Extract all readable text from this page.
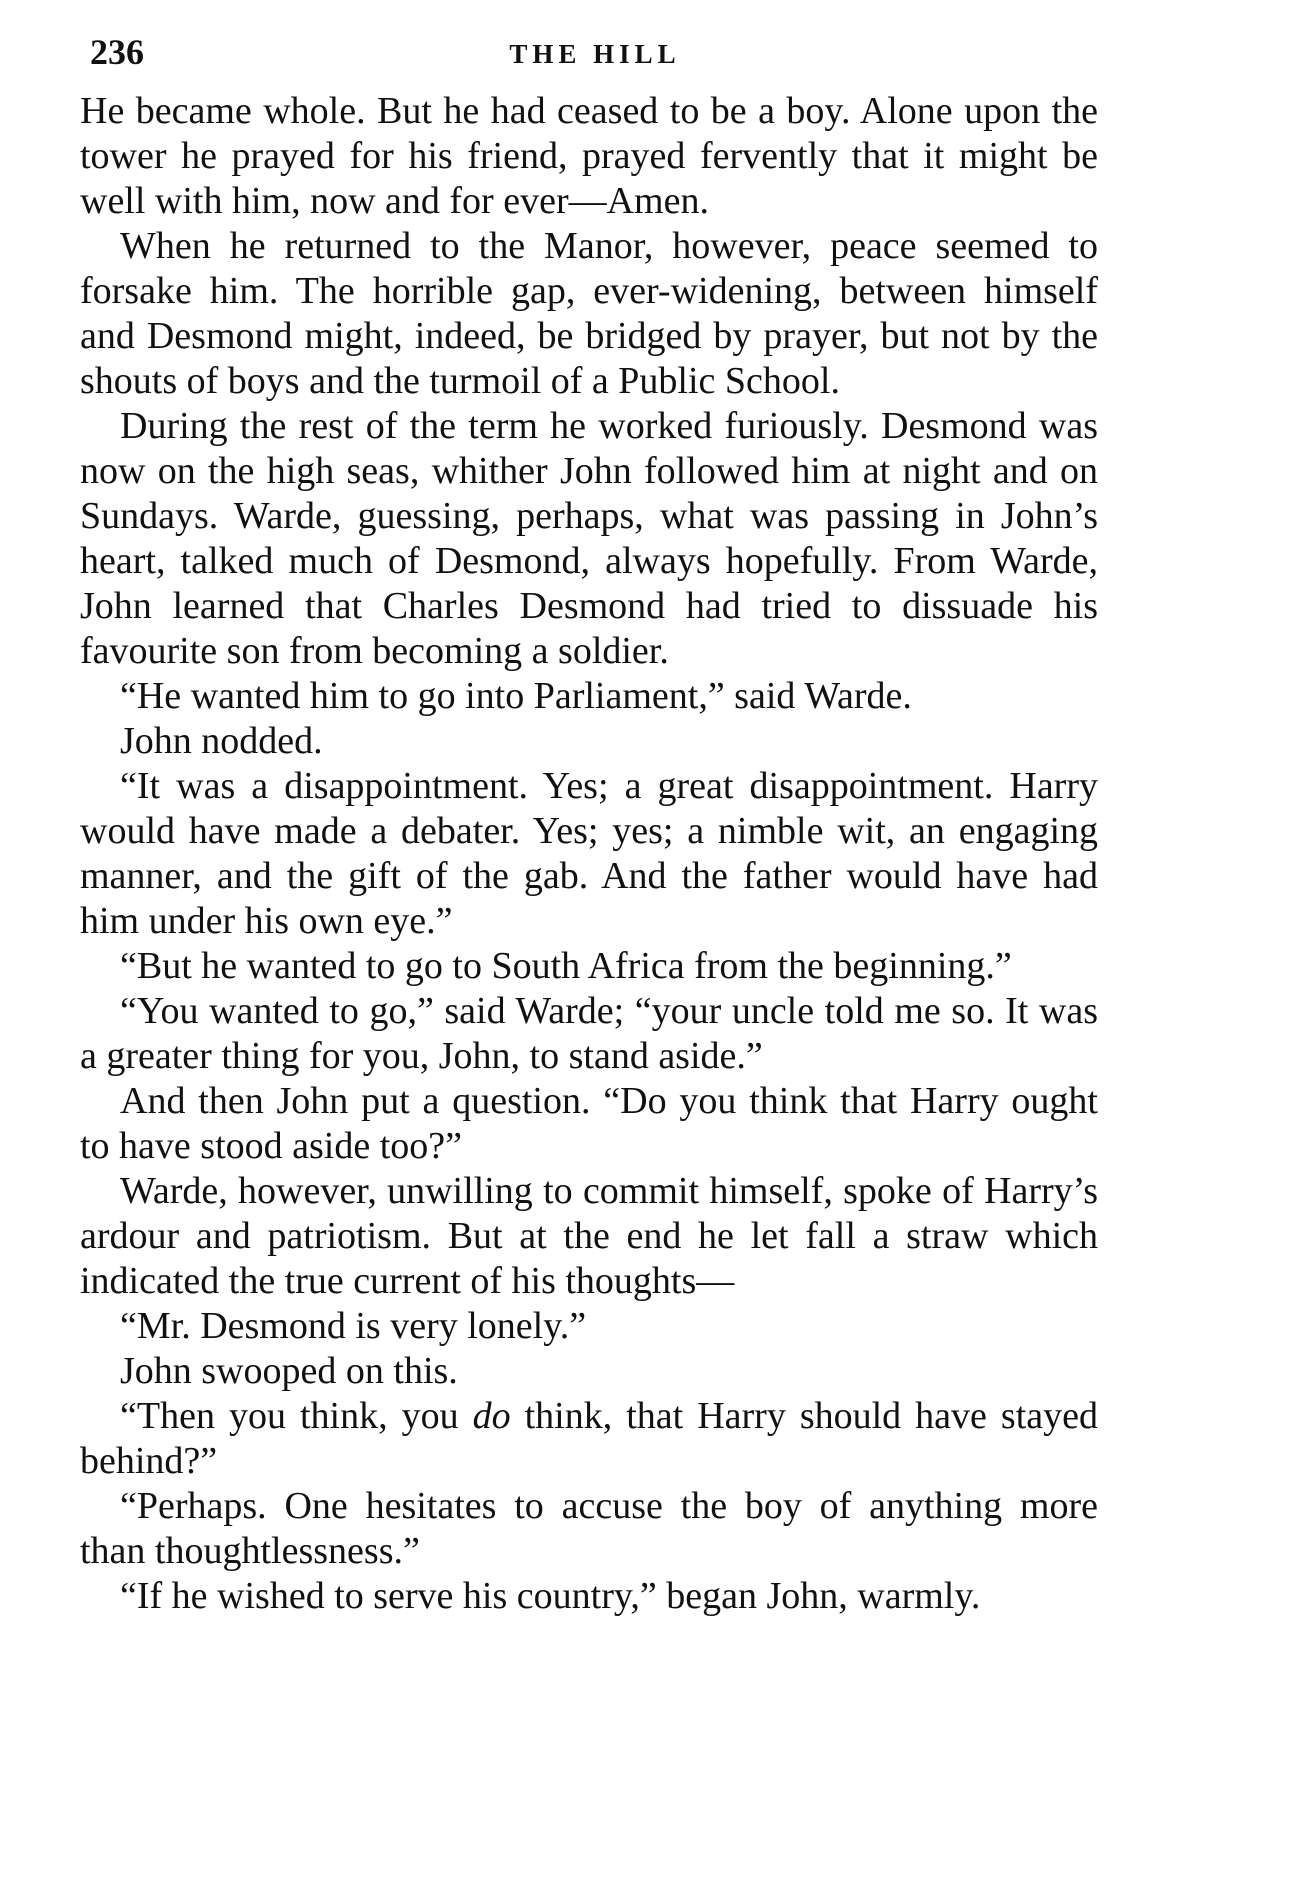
236	THE HILL

He became whole. But he had ceased to be a boy. Alone upon the tower he prayed for his friend, prayed fervently that it might be well with him, now and for ever—Amen.

When he returned to the Manor, however, peace seemed to forsake him. The horrible gap, ever-widening, between himself and Desmond might, indeed, be bridged by prayer, but not by the shouts of boys and the turmoil of a Public School.

During the rest of the term he worked furiously. Desmond was now on the high seas, whither John followed him at night and on Sundays. Warde, guessing, perhaps, what was passing in John’s heart, talked much of Desmond, always hopefully. From Warde, John learned that Charles Desmond had tried to dissuade his favourite son from becoming a soldier.

“He wanted him to go into Parliament,” said Warde.

John nodded.

“It was a disappointment. Yes; a great disappointment. Harry would have made a debater. Yes; yes; a nimble wit, an engaging manner, and the gift of the gab. And the father would have had him under his own eye.”

“But he wanted to go to South Africa from the beginning.”

“You wanted to go,” said Warde; “your uncle told me so. It was a greater thing for you, John, to stand aside.”

And then John put a question. “Do you think that Harry ought to have stood aside too?”

Warde, however, unwilling to commit himself, spoke of Harry’s ardour and patriotism. But at the end he let fall a straw which indicated the true current of his thoughts—

“Mr. Desmond is very lonely.”

John swooped on this.

“Then you think, you do think, that Harry should have stayed behind?”

“Perhaps. One hesitates to accuse the boy of anything more than thoughtlessness.”

“If he wished to serve his country,” began John, warmly.
